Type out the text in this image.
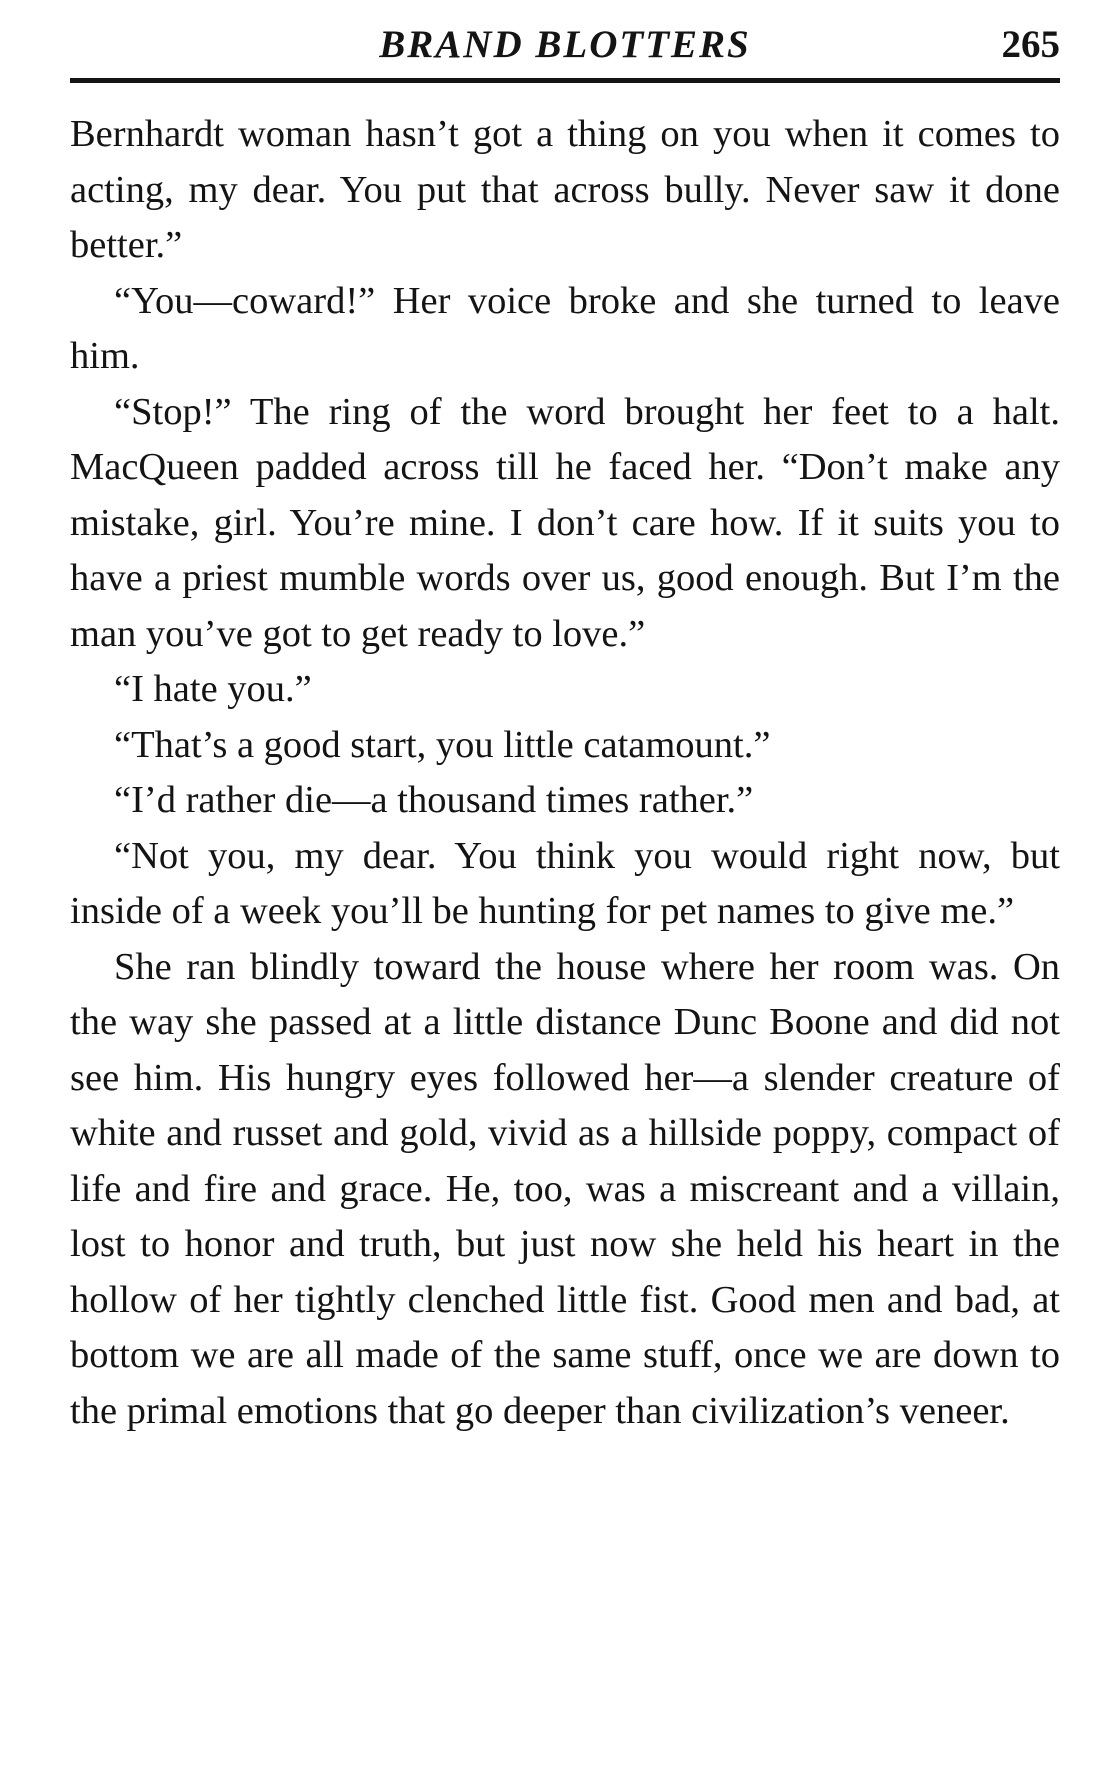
BRAND BLOTTERS	265

Bernhardt woman hasn’t got a thing on you when it comes to acting, my dear. You put that across bully. Never saw it done better.”

“You—coward!” Her voice broke and she turned to leave him.

“Stop!” The ring of the word brought her feet to a halt. MacQueen padded across till he faced her. “Don’t make any mistake, girl. You’re mine. I don’t care how. If it suits you to have a priest mumble words over us, good enough. But I’m the man you’ve got to get ready to love.”

“I hate you.”

“That’s a good start, you little catamount.”

“I’d rather die—a thousand times rather.”

“Not you, my dear. You think you would right now, but inside of a week you’ll be hunting for pet names to give me.”

She ran blindly toward the house where her room was. On the way she passed at a little distance Dunc Boone and did not see him. His hungry eyes followed her—a slender creature of white and russet and gold, vivid as a hillside poppy, compact of life and fire and grace. He, too, was a miscreant and a villain, lost to honor and truth, but just now she held his heart in the hollow of her tightly clenched little fist. Good men and bad, at bottom we are all made of the same stuff, once we are down to the primal emotions that go deeper than civilization’s veneer.
